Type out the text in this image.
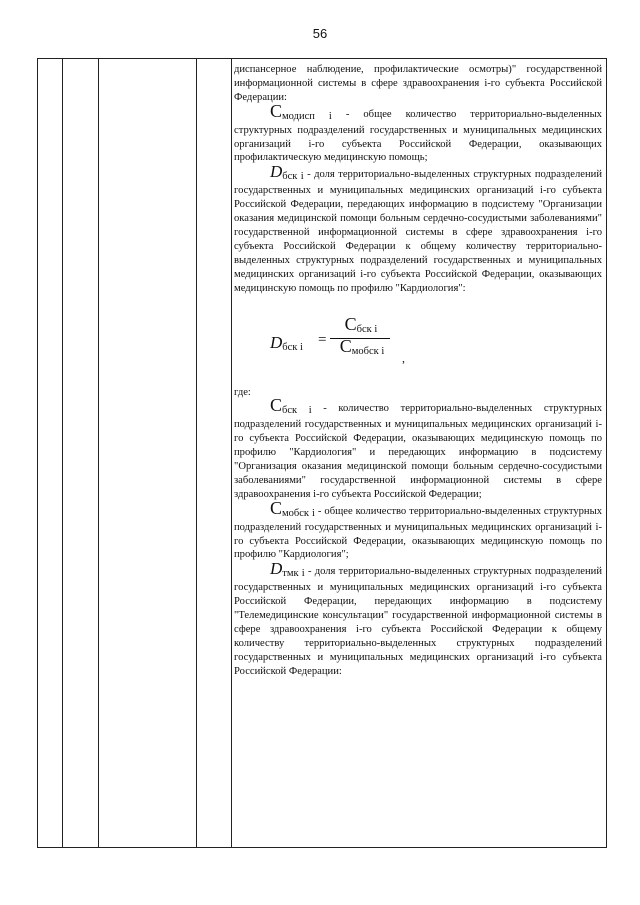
56

диспансерное наблюдение, профилактические осмотры)" государственной информационной системы в сфере здравоохранения i-го субъекта Российской Федерации:

Смодисп i - общее количество территориально-выделенных структурных подразделений государственных и муниципальных медицинских организаций i-го субъекта Российской Федерации, оказывающих профилактическую медицинскую помощь;

Dбск i - доля территориально-выделенных структурных подразделений государственных и муниципальных медицинских организаций i-го субъекта Российской Федерации, передающих информацию в подсистему "Организации оказания медицинской помощи больным сердечно-сосудистыми заболеваниями" государственной информационной системы в сфере здравоохранения i-го субъекта Российской Федерации к общему количеству территориально-выделенных структурных подразделений государственных и муниципальных медицинских организаций i-го субъекта Российской Федерации, оказывающих медицинскую помощь по профилю "Кардиология":

Dбск i =
Сбск i
Смобск i	,

где:

Сбск i - количество территориально-выделенных структурных подразделений государственных и муниципальных медицинских организаций i-го субъекта Российской Федерации, оказывающих медицинскую помощь по профилю "Кардиология" и передающих информацию в подсистему "Организация оказания медицинской помощи больным сердечно-сосудистыми заболеваниями" государственной информационной системы в сфере здравоохранения i-го субъекта Российской Федерации;

Смобск i - общее количество территориально-выделенных структурных подразделений государственных и муниципальных медицинских организаций i-го субъекта Российской Федерации, оказывающих медицинскую помощь по профилю "Кардиология";

Dтмк i - доля территориально-выделенных структурных подразделений государственных и муниципальных медицинских организаций i-го субъекта Российской Федерации, передающих информацию в подсистему "Телемедицинские консультации" государственной информационной системы в сфере здравоохранения i-го субъекта Российской Федерации к общему количеству территориально-выделенных структурных подразделений государственных и муниципальных медицинских организаций i-го субъекта Российской Федерации:
